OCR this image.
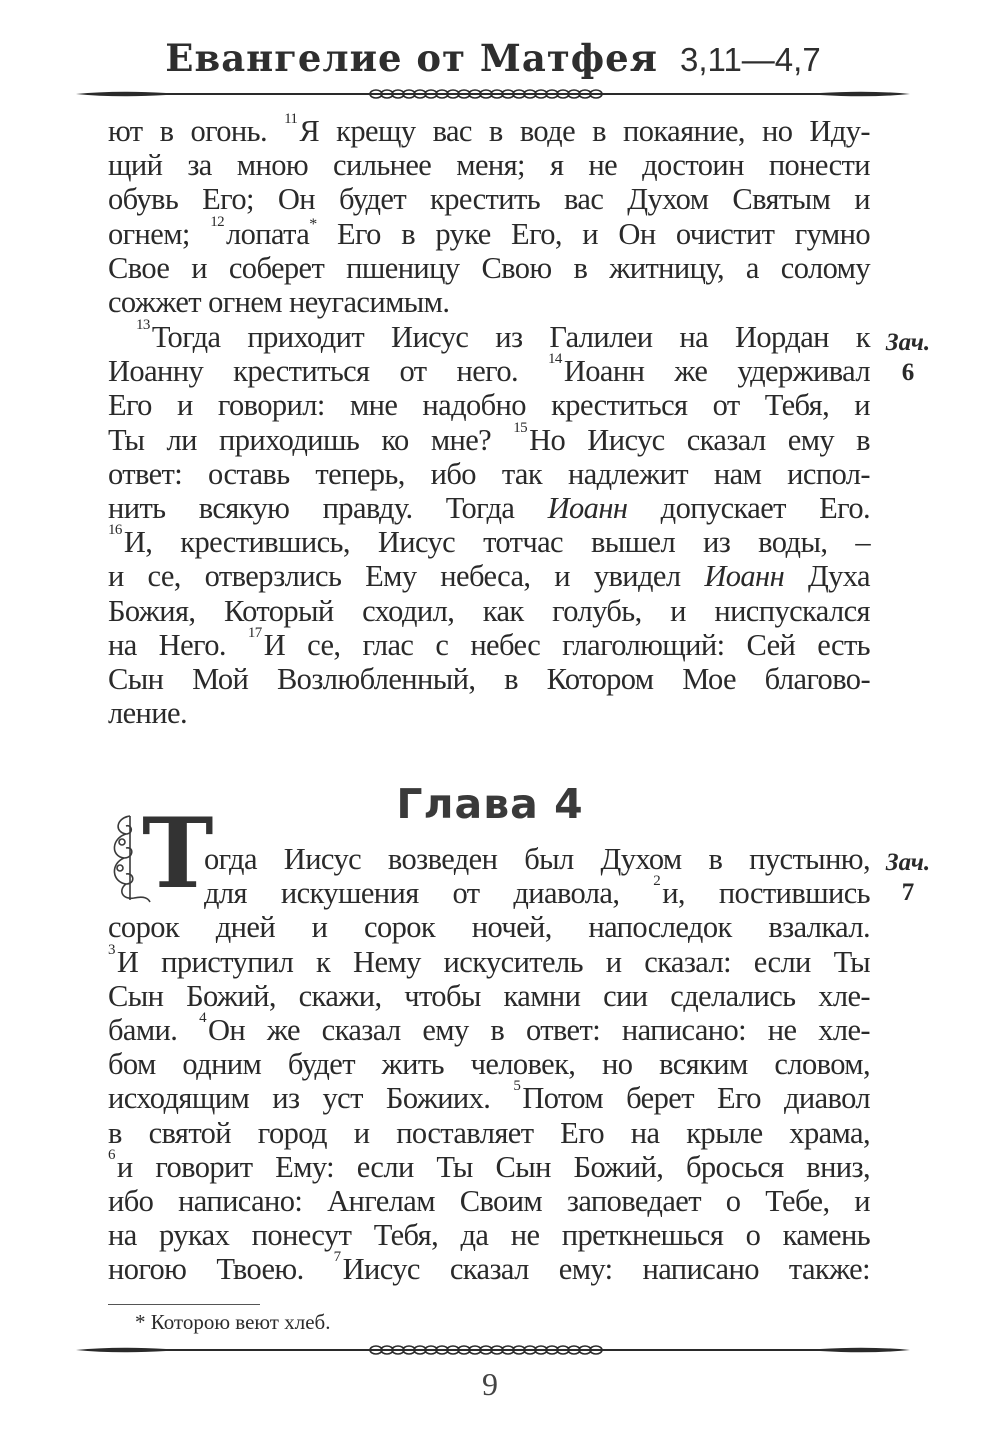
Евангелие от Матфея 3,11—4,7
ют в огонь. $^{11}$Я крещу вас в воде в покаяние, но Иду-
щий за мною сильнее меня; я не достоин понести
обувь Его; Он будет крестить вас Духом Святым и
огнем; $^{12}$лопата* Его в руке Его, и Он очистит гумно
Свое и соберет пшеницу Свою в житницу, а солому
сожжет огнем неугасимым.
$^{13}$Тогда приходит Иисус из Галилеи на Иордан к
Иоанну креститься от него. $^{14}$Иоанн же удерживал
Его и говорил: мне надобно креститься от Тебя, и
Ты ли приходишь ко мне? $^{15}$Но Иисус сказал ему в
ответ: оставь теперь, ибо так надлежит нам испол-
нить всякую правду. Тогда Иоанн допускает Его.
$^{16}$И, крестившись, Иисус тотчас вышел из воды, –
и се, отверзлись Ему небеса, и увидел Иоанн Духа
Божия, Который сходил, как голубь, и ниспускался
на Него. $^{17}$И се, глас с небес глаголющий: Сей есть
Сын Мой Возлюбленный, в Котором Мое благово-
ление.
Зач.
6
Глава 4
Т
огда Иисус возведен был Духом в пустыню,
для искушения от диавола, $^2$и, постившись
сорок дней и сорок ночей, напоследок взалкал.
$^3$И приступил к Нему искуситель и сказал: если Ты
Сын Божий, скажи, чтобы камни сии сделались хле-
бами. $^4$Он же сказал ему в ответ: написано: не хле-
бом одним будет жить человек, но всяким словом,
исходящим из уст Божиих. $^5$Потом берет Его диавол
в святой город и поставляет Его на крыле храма,
$^6$и говорит Ему: если Ты Сын Божий, бросься вниз,
ибо написано: Ангелам Своим заповедает о Тебе, и
на руках понесут Тебя, да не преткнешься о камень
ногою Твоею. $^7$Иисус сказал ему: написано также:
Зач.
7
* Которою веют хлеб.
9
